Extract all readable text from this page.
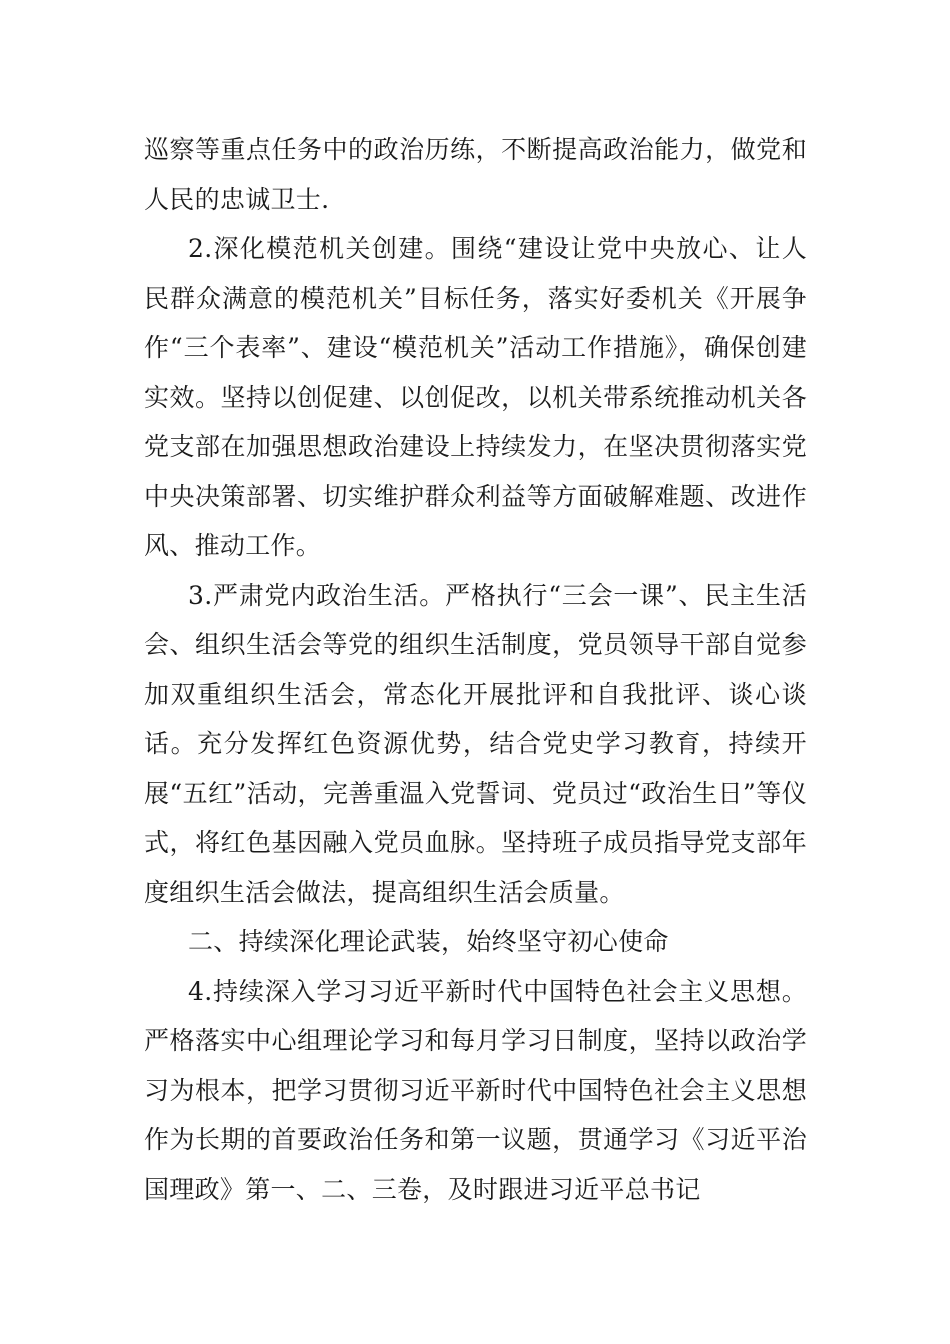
巡察等重点任务中的政治历练，不断提高政治能力，做党和人民的忠诚卫士.

2.深化模范机关创建。围绕“建设让党中央放心、让人民群众满意的模范机关”目标任务，落实好委机关《开展争作“三个表率”、建设“模范机关”活动工作措施》，确保创建实效。坚持以创促建、以创促改，以机关带系统推动机关各党支部在加强思想政治建设上持续发力，在坚决贯彻落实党中央决策部署、切实维护群众利益等方面破解难题、改进作风、推动工作。

3.严肃党内政治生活。严格执行“三会一课”、民主生活会、组织生活会等党的组织生活制度，党员领导干部自觉参加双重组织生活会，常态化开展批评和自我批评、谈心谈话。充分发挥红色资源优势，结合党史学习教育，持续开展“五红”活动，完善重温入党誓词、党员过“政治生日”等仪式，将红色基因融入党员血脉。坚持班子成员指导党支部年度组织生活会做法，提高组织生活会质量。

二、持续深化理论武装，始终坚守初心使命

4.持续深入学习习近平新时代中国特色社会主义思想。严格落实中心组理论学习和每月学习日制度，坚持以政治学习为根本，把学习贯彻习近平新时代中国特色社会主义思想作为长期的首要政治任务和第一议题，贯通学习《习近平治国理政》第一、二、三卷，及时跟进习近平总书记
